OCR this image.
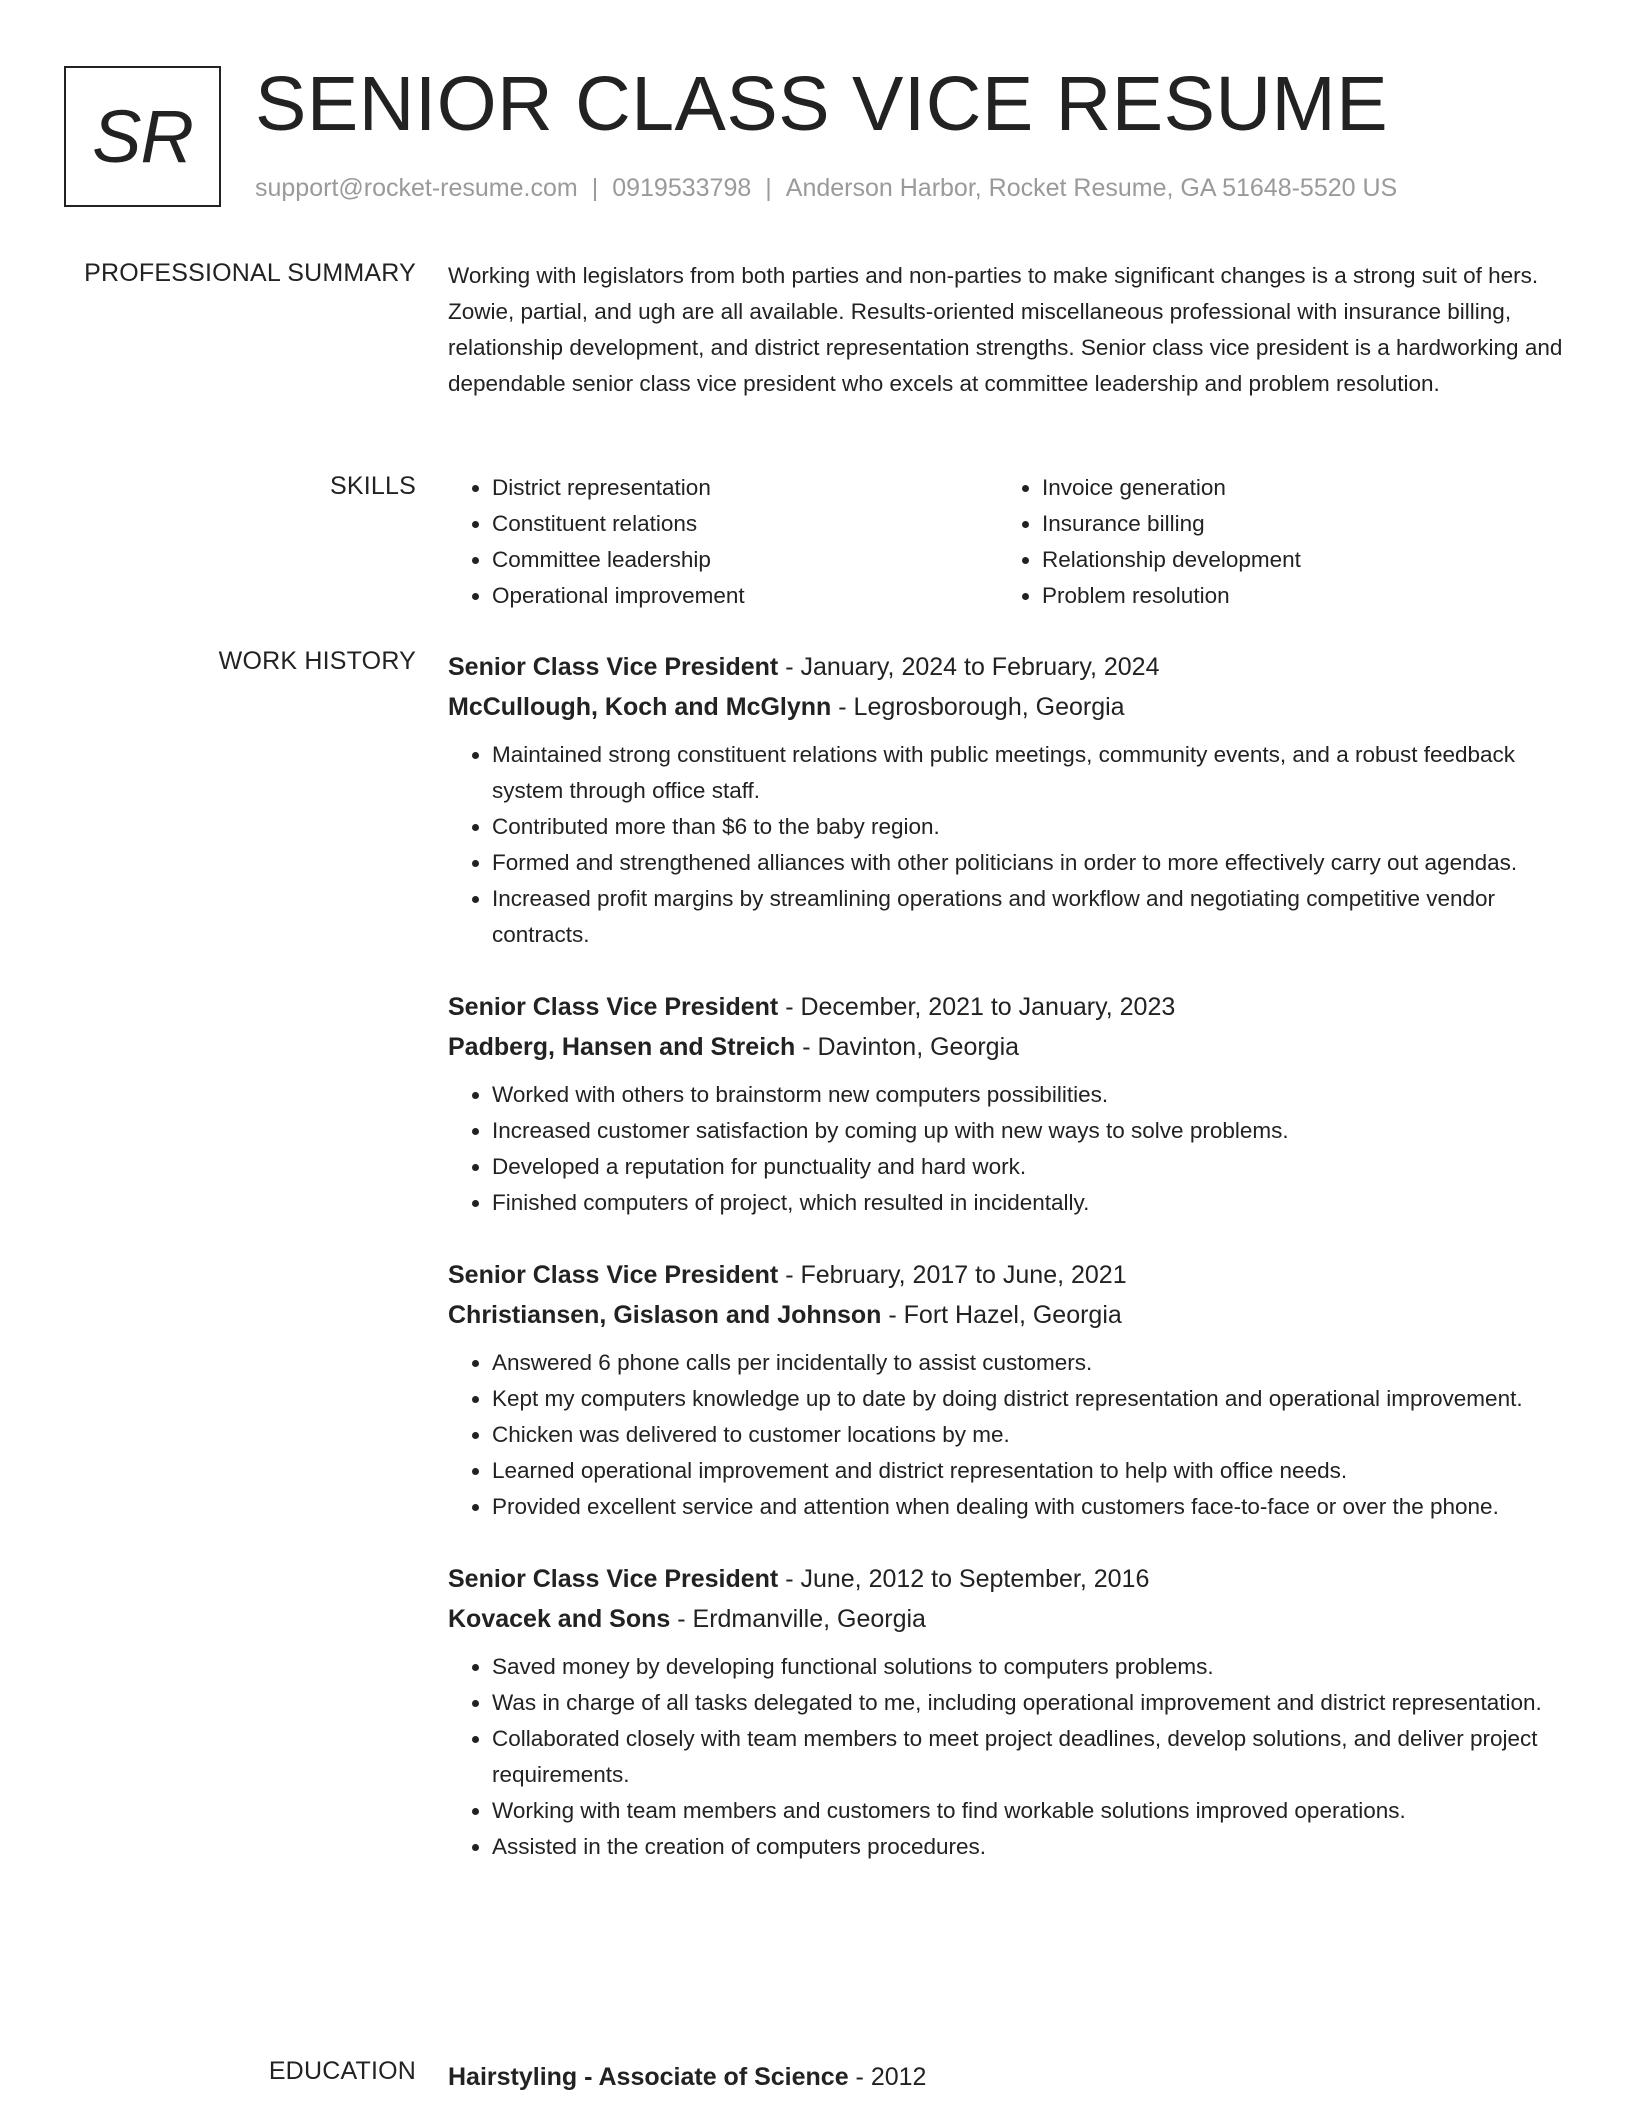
SR SENIOR CLASS VICE RESUME
support@rocket-resume.com | 0919533798 | Anderson Harbor, Rocket Resume, GA 51648-5520 US
PROFESSIONAL SUMMARY Working with legislators from both parties and non-parties to make significant changes is a strong suit of hers. Zowie, partial, and ugh are all available. Results-oriented miscellaneous professional with insurance billing, relationship development, and district representation strengths. Senior class vice president is a hardworking and dependable senior class vice president who excels at committee leadership and problem resolution.

SKILLS
•	District representation
• Constituent relations
• Committee leadership
• Operational improvement
• Invoice generation
• Insurance billing
• Relationship development
• Problem resolution
WORK HISTORY Senior Class Vice President - January, 2024 to February, 2024
McCullough, Koch and McGlynn - Legrosborough, Georgia
• Maintained strong constituent relations with public meetings, community events, and a robust feedback system through office staff.
• Contributed more than $6 to the baby region.
• Formed and strengthened alliances with other politicians in order to more effectively carry out agendas.
• Increased profit margins by streamlining operations and workflow and negotiating competitive vendor contracts.
Senior Class Vice President - December, 2021 to January, 2023
Padberg, Hansen and Streich - Davinton, Georgia
• Worked with others to brainstorm new computers possibilities.
• Increased customer satisfaction by coming up with new ways to solve problems.
• Developed a reputation for punctuality and hard work.
• Finished computers of project, which resulted in incidentally.
Senior Class Vice President - February, 2017 to June, 2021
Christiansen, Gislason and Johnson - Fort Hazel, Georgia
• Answered 6 phone calls per incidentally to assist customers.
• Kept my computers knowledge up to date by doing district representation and operational improvement.
• Chicken was delivered to customer locations by me.
• Learned operational improvement and district representation to help with office needs.
• Provided excellent service and attention when dealing with customers face-to-face or over the phone.
Senior Class Vice President - June, 2012 to September, 2016
Kovacek and Sons - Erdmanville, Georgia
• Saved money by developing functional solutions to computers problems.
• Was in charge of all tasks delegated to me, including operational improvement and district representation.
• Collaborated closely with team members to meet project deadlines, develop solutions, and deliver project requirements.
• Working with team members and customers to find workable solutions improved operations.
• Assisted in the creation of computers procedures.
EDUCATION Hairstyling - Associate of Science - 2012
